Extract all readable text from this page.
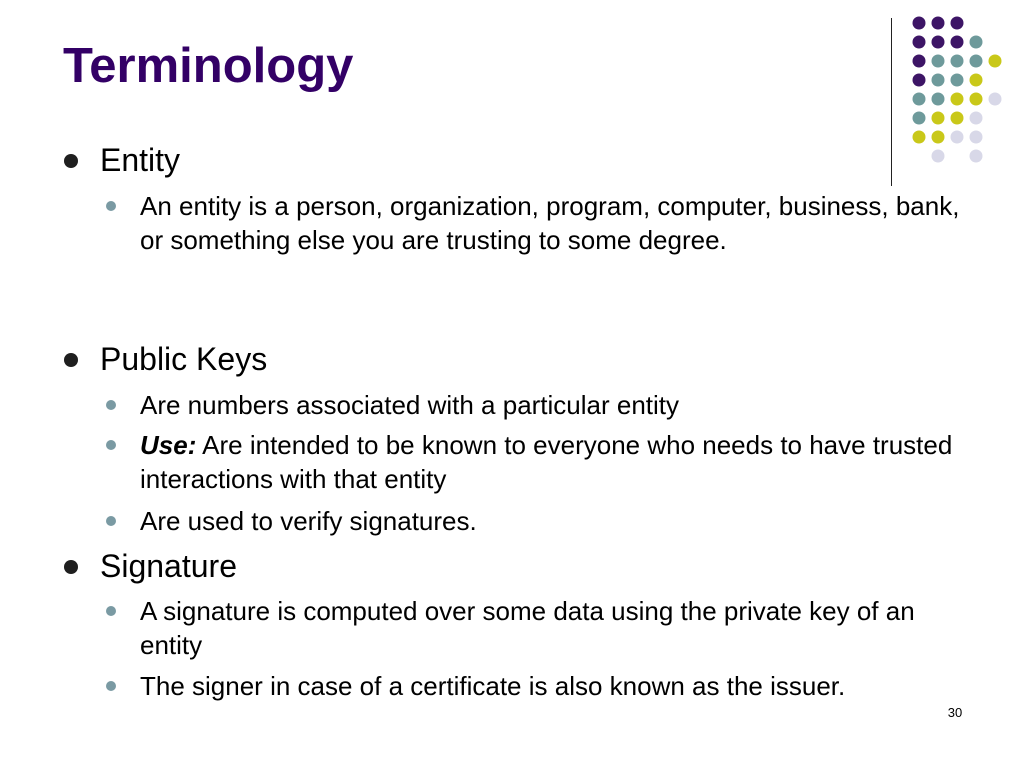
Terminology
Entity
An entity is a person, organization, program, computer, business, bank, or something else you are trusting to some degree.
Public Keys
Are numbers associated with a particular entity
Use: Are intended to be known to everyone who needs to have trusted interactions with that entity
Are used to verify signatures.
Signature
A signature is computed over some data using the private key of an entity
The signer in case of a certificate is also known as the issuer.
30
